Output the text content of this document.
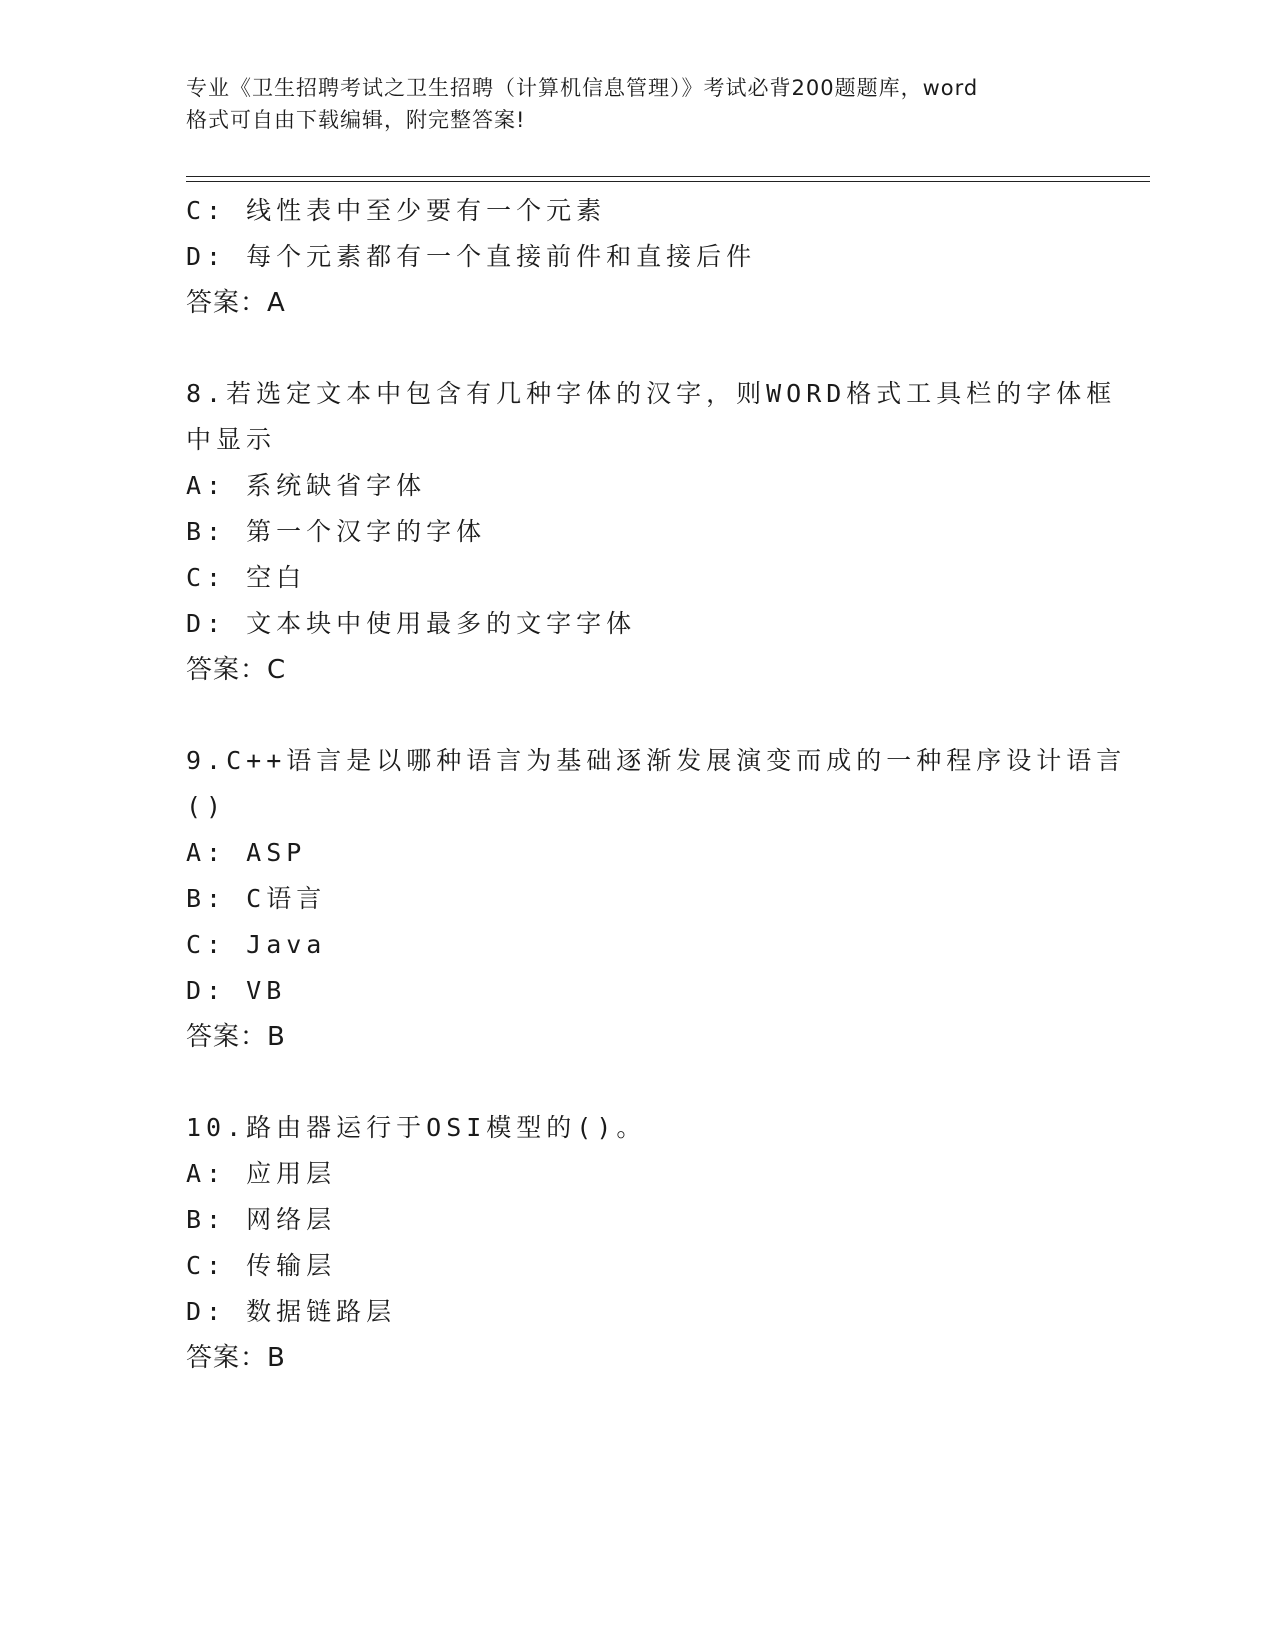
专业《卫生招聘考试之卫生招聘（计算机信息管理）》考试必背200题题库，word
格式可自由下载编辑，附完整答案!
C: 线性表中至少要有一个元素
D: 每个元素都有一个直接前件和直接后件
答案：A
8.若选定文本中包含有几种字体的汉字，则WORD格式工具栏的字体框
中显示
A: 系统缺省字体
B: 第一个汉字的字体
C: 空白
D: 文本块中使用最多的文字字体
答案：C
9.C++语言是以哪种语言为基础逐渐发展演变而成的一种程序设计语言
()
A: ASP
B: C语言
C: Java
D: VB
答案：B
10.路由器运行于OSI模型的()。
A: 应用层
B: 网络层
C: 传输层
D: 数据链路层
答案：B
